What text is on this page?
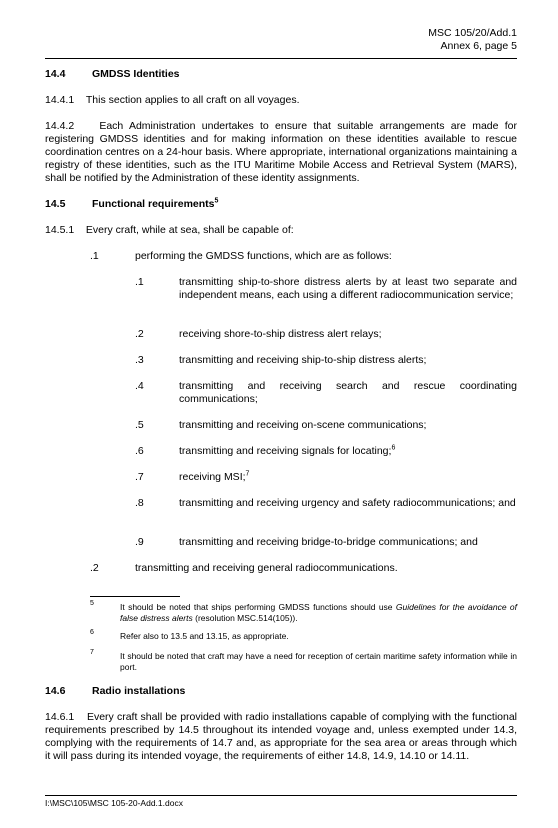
MSC 105/20/Add.1
Annex 6, page 5
14.4	GMDSS Identities
14.4.1 This section applies to all craft on all voyages.
14.4.2 Each Administration undertakes to ensure that suitable arrangements are made for registering GMDSS identities and for making information on these identities available to rescue coordination centres on a 24-hour basis. Where appropriate, international organizations maintaining a registry of these identities, such as the ITU Maritime Mobile Access and Retrieval System (MARS), shall be notified by the Administration of these identity assignments.
14.5	Functional requirements$^5$
14.5.1 Every craft, while at sea, shall be capable of:
.1	performing the GMDSS functions, which are as follows:
.1	transmitting ship-to-shore distress alerts by at least two separate and independent means, each using a different radiocommunication service;
.2	receiving shore-to-ship distress alert relays;
.3	transmitting and receiving ship-to-ship distress alerts;
.4	transmitting and receiving search and rescue coordinating communications;
.5	transmitting and receiving on-scene communications;
.6	transmitting and receiving signals for locating;$^6$
.7	receiving MSI;$^7$
.8	transmitting and receiving urgency and safety radiocommunications; and
.9	transmitting and receiving bridge-to-bridge communications; and
.2	transmitting and receiving general radiocommunications.
5	It should be noted that ships performing GMDSS functions should use Guidelines for the avoidance of false distress alerts (resolution MSC.514(105)).
6	Refer also to 13.5 and 13.15, as appropriate.
7	It should be noted that craft may have a need for reception of certain maritime safety information while in port.
14.6	Radio installations
14.6.1 Every craft shall be provided with radio installations capable of complying with the functional requirements prescribed by 14.5 throughout its intended voyage and, unless exempted under 14.3, complying with the requirements of 14.7 and, as appropriate for the sea area or areas through which it will pass during its intended voyage, the requirements of either 14.8, 14.9, 14.10 or 14.11.
I:\MSC\105\MSC 105-20-Add.1.docx
